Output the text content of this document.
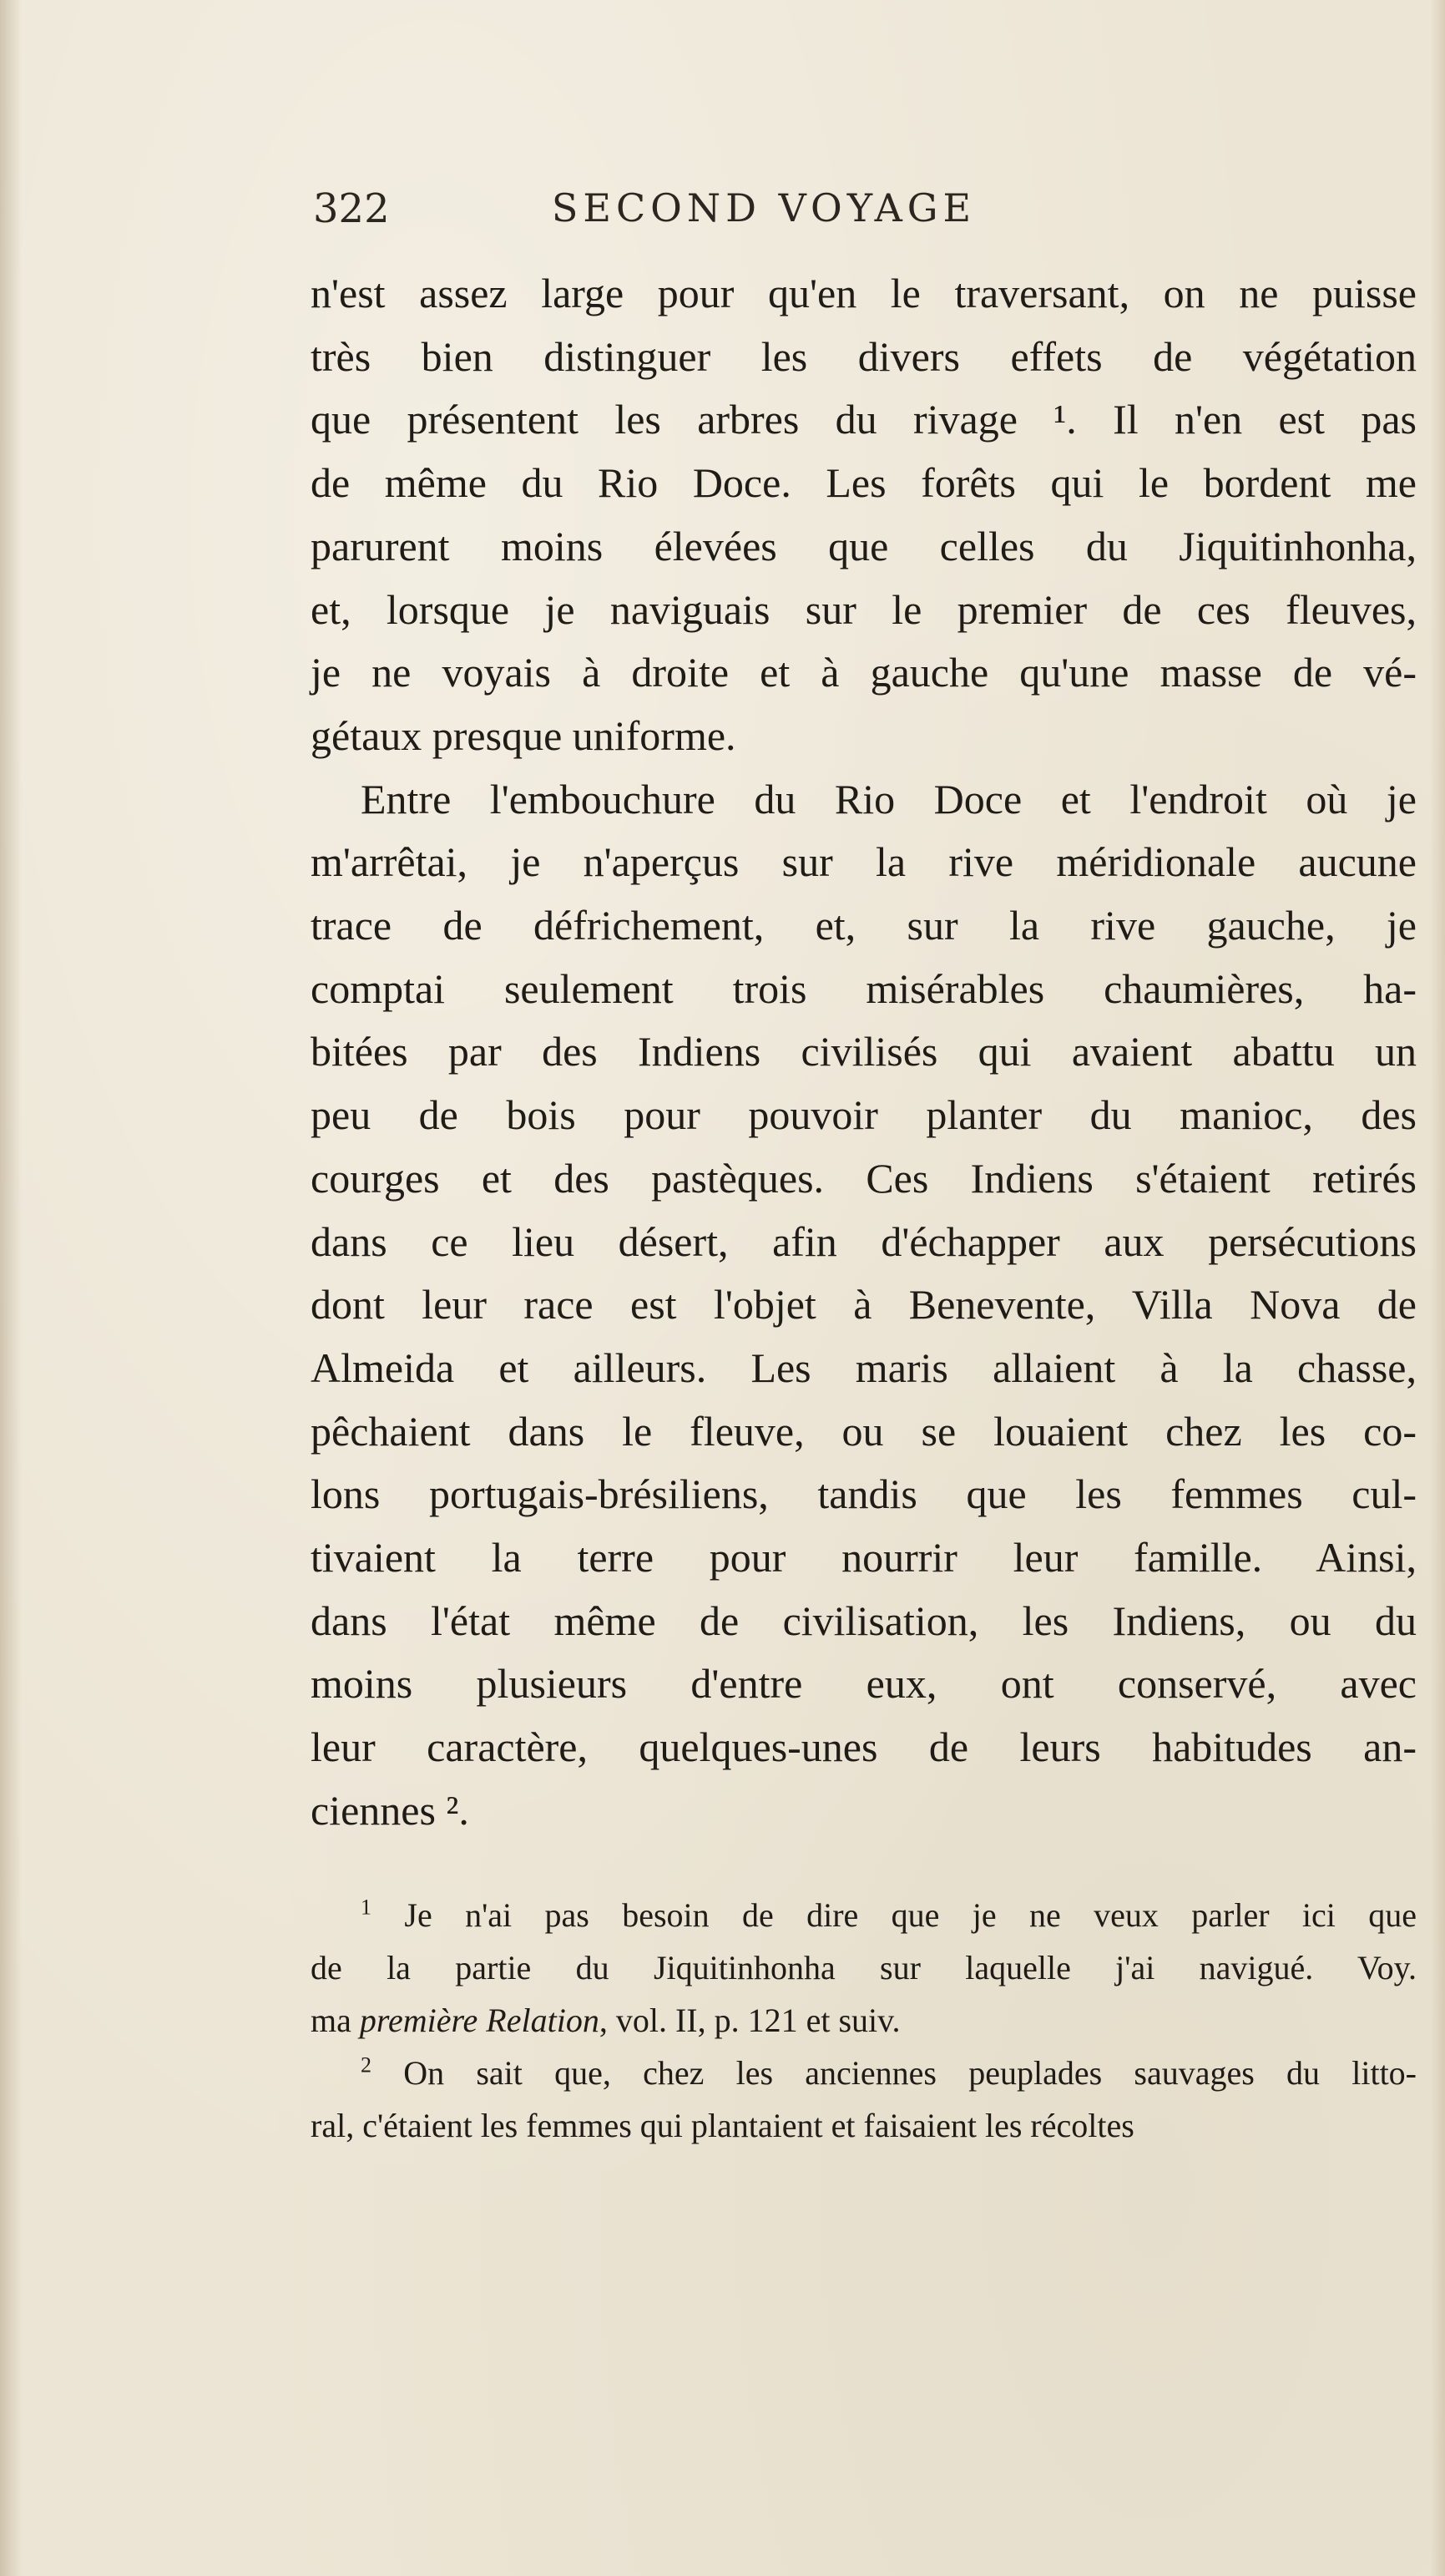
322	SECOND VOYAGE
n'est assez large pour qu'en le traversant, on ne puisse
très bien distinguer les divers effets de végétation
que présentent les arbres du rivage ¹. Il n'en est pas
de même du Rio Doce. Les forêts qui le bordent me
parurent moins élevées que celles du Jiquitinhonha,
et, lorsque je naviguais sur le premier de ces fleuves,
je ne voyais à droite et à gauche qu'une masse de vé-
gétaux presque uniforme.
Entre l'embouchure du Rio Doce et l'endroit où je
m'arrêtai, je n'aperçus sur la rive méridionale aucune
trace de défrichement, et, sur la rive gauche, je
comptai seulement trois misérables chaumières, ha-
bitées par des Indiens civilisés qui avaient abattu un
peu de bois pour pouvoir planter du manioc, des
courges et des pastèques. Ces Indiens s'étaient retirés
dans ce lieu désert, afin d'échapper aux persécutions
dont leur race est l'objet à Benevente, Villa Nova de
Almeida et ailleurs. Les maris allaient à la chasse,
pêchaient dans le fleuve, ou se louaient chez les co-
lons portugais-brésiliens, tandis que les femmes cul-
tivaient la terre pour nourrir leur famille. Ainsi,
dans l'état même de civilisation, les Indiens, ou du
moins plusieurs d'entre eux, ont conservé, avec
leur caractère, quelques-unes de leurs habitudes an-
ciennes ².
$^1$ Je n'ai pas besoin de dire que je ne veux parler ici que
de la partie du Jiquitinhonha sur laquelle j'ai navigué. Voy.
ma première Relation, vol. II, p. 121 et suiv.
$^2$ On sait que, chez les anciennes peuplades sauvages du litto-
ral, c'étaient les femmes qui plantaient et faisaient les récoltes
